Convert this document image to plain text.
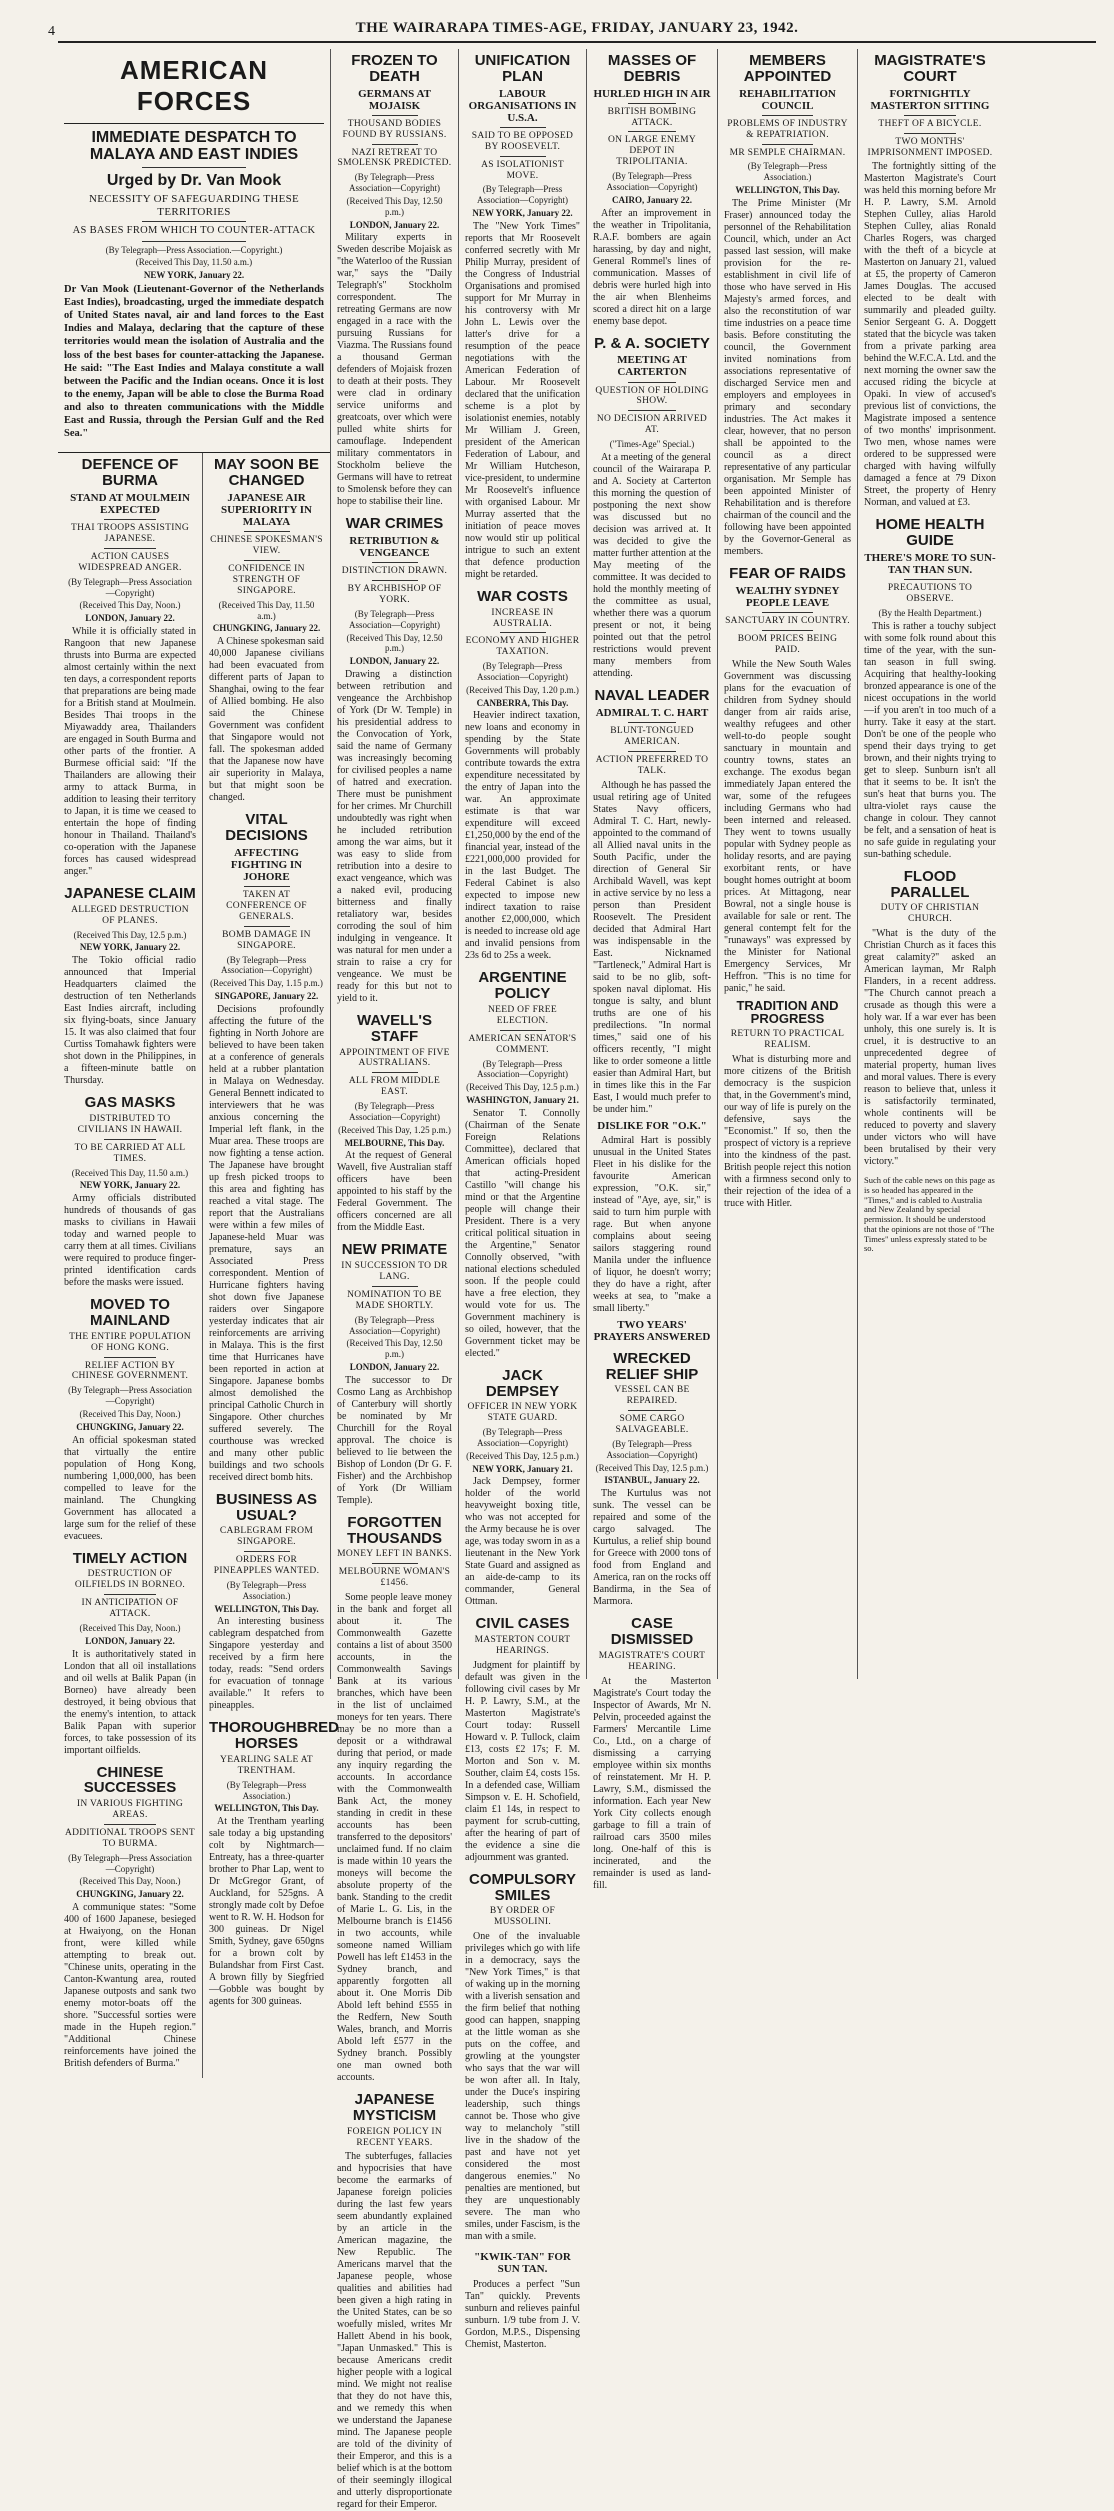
4	THE WAIRARAPA TIMES-AGE, FRIDAY, JANUARY 23, 1942.
AMERICAN FORCES
IMMEDIATE DESPATCH TO MALAYA AND EAST INDIES
Urged by Dr. Van Mook
NECESSITY OF SAFEGUARDING THESE TERRITORIES
AS BASES FROM WHICH TO COUNTER-ATTACK
(By Telegraph—Press Association.—Copyright.)
(Received This Day, 11.50 a.m.)
NEW YORK, January 22.

Dr Van Mook (Lieutenant-Governor of the Netherlands East Indies), broadcasting, urged the immediate despatch of United States naval, air and land forces to the East Indies and Malaya, declaring that the capture of these territories would mean the isolation of Australia and the loss of the best bases for counter-attacking the Japanese. He said: "The East Indies and Malaya constitute a wall between the Pacific and the Indian oceans. Once it is lost to the enemy, Japan will be able to close the Burma Road and also to threaten communications with the Middle East and Russia, through the Persian Gulf and the Red Sea."

DEFENCE OF BURMA
STAND AT MOULMEIN EXPECTED
THAI TROOPS ASSISTING JAPANESE.
ACTION CAUSES WIDESPREAD ANGER.
(By Telegraph—Press Association—Copyright)
(Received This Day, Noon.)
LONDON, January 22.

While it is officially stated in Rangoon that new Japanese thrusts into Burma are expected almost certainly within the next ten days, a correspondent reports that preparations are being made for a British stand at Moulmein. Besides Thai troops in the Miyawaddy area, Thailanders are engaged in South Burma and other parts of the frontier. A Burmese official said: "If the Thailanders are allowing their army to attack Burma, in addition to leasing their territory to Japan, it is time we ceased to entertain the hope of finding honour in Thailand. Thailand's co-operation with the Japanese forces has caused widespread anger."

JAPANESE CLAIM
ALLEGED DESTRUCTION OF PLANES.
(Received This Day, 12.5 p.m.)
NEW YORK, January 22.

The Tokio official radio announced that Imperial Headquarters claimed the destruction of ten Netherlands East Indies aircraft, including six flying-boats, since January 15. It was also claimed that four Curtiss Tomahawk fighters were shot down in the Philippines, in a fifteen-minute battle on Thursday.

GAS MASKS
DISTRIBUTED TO CIVILIANS IN HAWAII.
TO BE CARRIED AT ALL TIMES.
(Received This Day, 11.50 a.m.)
NEW YORK, January 22.

Army officials distributed hundreds of thousands of gas masks to civilians in Hawaii today and warned people to carry them at all times. Civilians were required to produce finger-printed identification cards before the masks were issued.

MOVED TO MAINLAND
THE ENTIRE POPULATION OF HONG KONG.
RELIEF ACTION BY CHINESE GOVERNMENT.
(By Telegraph—Press Association—Copyright)
(Received This Day, Noon.)
CHUNGKING, January 22.

An official spokesman stated that virtually the entire population of Hong Kong, numbering 1,000,000, has been compelled to leave for the mainland. The Chungking Government has allocated a large sum for the relief of these evacuees.

TIMELY ACTION
DESTRUCTION OF OILFIELDS IN BORNEO.
IN ANTICIPATION OF ATTACK.
(Received This Day, Noon.)
LONDON, January 22.

It is authoritatively stated in London that all oil installations and oil wells at Balik Papan (in Borneo) have already been destroyed, it being obvious that the enemy's intention, to attack Balik Papan with superior forces, to take possession of its important oilfields.

CHINESE SUCCESSES
IN VARIOUS FIGHTING AREAS.
ADDITIONAL TROOPS SENT TO BURMA.
(By Telegraph—Press Association—Copyright)
(Received This Day, Noon.)
CHUNGKING, January 22.

A communique states: "Some 400 of 1600 Japanese, besieged at Hwaiyong, on the Honan front, were killed while attempting to break out. "Chinese units, operating in the Canton-Kwantung area, routed Japanese outposts and sank two enemy motor-boats off the shore. "Successful sorties were made in the Hupeh region." "Additional Chinese reinforcements have joined the British defenders of Burma."

MAY SOON BE CHANGED
JAPANESE AIR SUPERIORITY IN MALAYA
CHINESE SPOKESMAN'S VIEW.
CONFIDENCE IN STRENGTH OF SINGAPORE.
(Received This Day, 11.50 a.m.)
CHUNGKING, January 22.

A Chinese spokesman said 40,000 Japanese civilians had been evacuated from different parts of Japan to Shanghai, owing to the fear of Allied bombing. He also said the Chinese Government was confident that Singapore would not fall. The spokesman added that the Japanese now have air superiority in Malaya, but that might soon be changed.

VITAL DECISIONS
AFFECTING FIGHTING IN JOHORE
TAKEN AT CONFERENCE OF GENERALS.
BOMB DAMAGE IN SINGAPORE.
(By Telegraph—Press Association—Copyright)
(Received This Day, 1.15 p.m.)
SINGAPORE, January 22.

Decisions profoundly affecting the future of the fighting in North Johore are believed to have been taken at a conference of generals held at a rubber plantation in Malaya on Wednesday. General Bennett indicated to interviewers that he was anxious concerning the Imperial left flank, in the Muar area. These troops are now fighting a tense action. The Japanese have brought up fresh picked troops to this area and fighting has reached a vital stage. The report that the Australians were within a few miles of Japanese-held Muar was premature, says an Associated Press correspondent. Mention of Hurricane fighters having shot down five Japanese raiders over Singapore yesterday indicates that air reinforcements are arriving in Malaya. This is the first time that Hurricanes have been reported in action at Singapore. Japanese bombs almost demolished the principal Catholic Church in Singapore. Other churches suffered severely. The courthouse was wrecked and many other public buildings and two schools received direct bomb hits.

BUSINESS AS USUAL?
CABLEGRAM FROM SINGAPORE.
ORDERS FOR PINEAPPLES WANTED.
(By Telegraph—Press Association.)
WELLINGTON, This Day.

An interesting business cablegram despatched from Singapore yesterday and received by a firm here today, reads: "Send orders for evacuation of tonnage available." It refers to pineapples.

THOROUGHBRED HORSES
YEARLING SALE AT TRENTHAM.
(By Telegraph—Press Association.)
WELLINGTON, This Day.

At the Trentham yearling sale today a big upstanding colt by Nightmarch—Entreaty, has a three-quarter brother to Phar Lap, went to Dr McGregor Grant, of Auckland, for 525gns. A strongly made colt by Defoe went to R. W. H. Hodson for 300 guineas. Dr Nigel Smith, Sydney, gave 650gns for a brown colt by Bulandshar from First Cast. A brown filly by Siegfried—Gobble was bought by agents for 300 guineas.

FROZEN TO DEATH
GERMANS AT MOJAISK
THOUSAND BODIES FOUND BY RUSSIANS.
NAZI RETREAT TO SMOLENSK PREDICTED.
(By Telegraph—Press Association—Copyright)
(Received This Day, 12.50 p.m.)
LONDON, January 22.

Military experts in Sweden describe Mojaisk as "the Waterloo of the Russian war," says the "Daily Telegraph's" Stockholm correspondent. The retreating Germans are now engaged in a race with the pursuing Russians for Viazma. The Russians found a thousand German defenders of Mojaisk frozen to death at their posts. They were clad in ordinary service uniforms and greatcoats, over which were pulled white shirts for camouflage. Independent military commentators in Stockholm believe the Germans will have to retreat to Smolensk before they can hope to stabilise their line.

WAR CRIMES
RETRIBUTION & VENGEANCE
DISTINCTION DRAWN.
BY ARCHBISHOP OF YORK.
(By Telegraph—Press Association—Copyright)
(Received This Day, 12.50 p.m.)
LONDON, January 22.

Drawing a distinction between retribution and vengeance the Archbishop of York (Dr W. Temple) in his presidential address to the Convocation of York, said the name of Germany was increasingly becoming for civilised peoples a name of hatred and execration. There must be punishment for her crimes. Mr Churchill undoubtedly was right when he included retribution among the war aims, but it was easy to slide from retribution into a desire to exact vengeance, which was a naked evil, producing bitterness and finally retaliatory war, besides corroding the soul of him indulging in vengeance. It was natural for men under a strain to raise a cry for vengeance. We must be ready for this but not to yield to it.

WAVELL'S STAFF
APPOINTMENT OF FIVE AUSTRALIANS.
ALL FROM MIDDLE EAST.
(By Telegraph—Press Association—Copyright)
(Received This Day, 1.25 p.m.)
MELBOURNE, This Day.

At the request of General Wavell, five Australian staff officers have been appointed to his staff by the Federal Government. The officers concerned are all from the Middle East.

NEW PRIMATE
IN SUCCESSION TO DR LANG.
NOMINATION TO BE MADE SHORTLY.
(By Telegraph—Press Association—Copyright)
(Received This Day, 12.50 p.m.)
LONDON, January 22.

The successor to Dr Cosmo Lang as Archbishop of Canterbury will shortly be nominated by Mr Churchill for the Royal approval. The choice is believed to lie between the Bishop of London (Dr G. F. Fisher) and the Archbishop of York (Dr William Temple).

FORGOTTEN THOUSANDS
MONEY LEFT IN BANKS.
MELBOURNE WOMAN'S £1456.

Some people leave money in the bank and forget all about it. The Commonwealth Gazette contains a list of about 3500 accounts, in the Commonwealth Savings Bank at its various branches, which have been in the list of unclaimed moneys for ten years. There may be no more than a deposit or a withdrawal during that period, or made any inquiry regarding the accounts. In accordance with the Commonwealth Bank Act, the money standing in credit in these accounts has been transferred to the depositors' unclaimed fund. If no claim is made within 10 years the moneys will become the absolute property of the bank. Standing to the credit of Marie L. G. Lis, in the Melbourne branch is £1456 in two accounts, while someone named William Powell has left £1453 in the Sydney branch, and apparently forgotten all about it. One Morris Dib Abold left behind £555 in the Redfern, New South Wales, branch, and Morris Abold left £577 in the Sydney branch. Possibly one man owned both accounts.

JAPANESE MYSTICISM
FOREIGN POLICY IN RECENT YEARS.

The subterfuges, fallacies and hypocrisies that have become the earmarks of Japanese foreign policies during the last few years seem abundantly explained by an article in the American magazine, the New Republic. The Americans marvel that the Japanese people, whose qualities and abilities had been given a high rating in the United States, can be so woefully misled, writes Mr Hallett Abend in his book, "Japan Unmasked." This is because Americans credit higher people with a logical mind. We might not realise that they do not have this, and we remedy this when we understand the Japanese mind. The Japanese people are told of the divinity of their Emperor, and this is a belief which is at the bottom of their seemingly illogical and utterly disproportionate regard for their Emperor.

UNIFICATION PLAN
LABOUR ORGANISATIONS IN U.S.A.
SAID TO BE OPPOSED BY ROOSEVELT.
AS ISOLATIONIST MOVE.
(By Telegraph—Press Association—Copyright)
NEW YORK, January 22.

The "New York Times" reports that Mr Roosevelt conferred secretly with Mr Philip Murray, president of the Congress of Industrial Organisations and promised support for Mr Murray in his controversy with Mr John L. Lewis over the latter's drive for a resumption of the peace negotiations with the American Federation of Labour. Mr Roosevelt declared that the unification scheme is a plot by isolationist enemies, notably Mr William J. Green, president of the American Federation of Labour, and Mr William Hutcheson, vice-president, to undermine Mr Roosevelt's influence with organised Labour. Mr Murray asserted that the initiation of peace moves now would stir up political intrigue to such an extent that defence production might be retarded.

WAR COSTS
INCREASE IN AUSTRALIA.
ECONOMY AND HIGHER TAXATION.
(By Telegraph—Press Association—Copyright)
(Received This Day, 1.20 p.m.)
CANBERRA, This Day.

Heavier indirect taxation, new loans and economy in spending by the State Governments will probably contribute towards the extra expenditure necessitated by the entry of Japan into the war. An approximate estimate is that war expenditure will exceed £1,250,000 by the end of the financial year, instead of the £221,000,000 provided for in the last Budget. The Federal Cabinet is also expected to impose new indirect taxation to raise another £2,000,000, which is needed to increase old age and invalid pensions from 23s 6d to 25s a week.

ARGENTINE POLICY
NEED OF FREE ELECTION.
AMERICAN SENATOR'S COMMENT.
(By Telegraph—Press Association—Copyright)
(Received This Day, 12.5 p.m.)
WASHINGTON, January 21.

Senator T. Connolly (Chairman of the Senate Foreign Relations Committee), declared that American officials hoped that acting-President Castillo "will change his mind or that the Argentine people will change their President. There is a very critical political situation in the Argentine," Senator Connolly observed, "with national elections scheduled soon. If the people could have a free election, they would vote for us. The Government machinery is so oiled, however, that the Government ticket may be elected."

JACK DEMPSEY
OFFICER IN NEW YORK STATE GUARD.
(By Telegraph—Press Association—Copyright)
(Received This Day, 12.5 p.m.)
NEW YORK, January 21.

Jack Dempsey, former holder of the world heavyweight boxing title, who was not accepted for the Army because he is over age, was today sworn in as a lieutenant in the New York State Guard and assigned as an aide-de-camp to its commander, General Ottman.

CIVIL CASES
MASTERTON COURT HEARINGS.

Judgment for plaintiff by default was given in the following civil cases by Mr H. P. Lawry, S.M., at the Masterton Magistrate's Court today: Russell Howard v. P. Tullock, claim £13, costs £2 17s; F. M. Morton and Son v. M. Souther, claim £4, costs 15s. In a defended case, William Simpson v. E. H. Schofield, claim £1 14s, in respect to payment for scrub-cutting, after the hearing of part of the evidence a sine die adjournment was granted.

COMPULSORY SMILES
BY ORDER OF MUSSOLINI.

One of the invaluable privileges which go with life in a democracy, says the "New York Times," is that of waking up in the morning with a liverish sensation and the firm belief that nothing good can happen, snapping at the little woman as she puts on the coffee, and growling at the youngster who says that the war will be won after all. In Italy, under the Duce's inspiring leadership, such things cannot be. Those who give way to melancholy "still live in the shadow of the past and have not yet considered the most dangerous enemies." No penalties are mentioned, but they are unquestionably severe. The man who smiles, under Fascism, is the man with a smile.

"KWIK-TAN" FOR SUN TAN.

Produces a perfect "Sun Tan" quickly. Prevents sunburn and relieves painful sunburn. 1/9 tube from J. V. Gordon, M.P.S., Dispensing Chemist, Masterton.

MASSES OF DEBRIS
HURLED HIGH IN AIR
BRITISH BOMBING ATTACK.
ON LARGE ENEMY DEPOT IN TRIPOLITANIA.
(By Telegraph—Press Association—Copyright)
CAIRO, January 22.

After an improvement in the weather in Tripolitania, R.A.F. bombers are again harassing, by day and night, General Rommel's lines of communication. Masses of debris were hurled high into the air when Blenheims scored a direct hit on a large enemy base depot.

P. & A. SOCIETY
MEETING AT CARTERTON
QUESTION OF HOLDING SHOW.
NO DECISION ARRIVED AT.
("Times-Age" Special.)

At a meeting of the general council of the Wairarapa P. and A. Society at Carterton this morning the question of postponing the next show was discussed but no decision was arrived at. It was decided to give the matter further attention at the May meeting of the committee. It was decided to hold the monthly meeting of the committee as usual, whether there was a quorum present or not, it being pointed out that the petrol restrictions would prevent many members from attending.

NAVAL LEADER
ADMIRAL T. C. HART
BLUNT-TONGUED AMERICAN.
ACTION PREFERRED TO TALK.

Although he has passed the usual retiring age of United States Navy officers, Admiral T. C. Hart, newly-appointed to the command of all Allied naval units in the South Pacific, under the direction of General Sir Archibald Wavell, was kept in active service by no less a person than President Roosevelt. The President decided that Admiral Hart was indispensable in the East. Nicknamed "Tartleneck," Admiral Hart is said to be no glib, soft-spoken naval diplomat. His tongue is salty, and blunt truths are one of his predilections. "In normal times," said one of his officers recently, "I might like to order someone a little easier than Admiral Hart, but in times like this in the Far East, I would much prefer to be under him."

DISLIKE FOR "O.K."

Admiral Hart is possibly unusual in the United States Fleet in his dislike for the favourite American expression, "O.K. sir," instead of "Aye, aye, sir," is said to turn him purple with rage. But when anyone complains about seeing sailors staggering round Manila under the influence of liquor, he doesn't worry; they do have a right, after weeks at sea, to "make a small liberty."

TWO YEARS' PRAYERS ANSWERED
WRECKED RELIEF SHIP
VESSEL CAN BE REPAIRED.
SOME CARGO SALVAGEABLE.
(By Telegraph—Press Association—Copyright)
(Received This Day, 12.5 p.m.)
ISTANBUL, January 22.

The Kurtulus was not sunk. The vessel can be repaired and some of the cargo salvaged. The Kurtulus, a relief ship bound for Greece with 2000 tons of food from England and America, ran on the rocks off Bandirma, in the Sea of Marmora.

CASE DISMISSED
MAGISTRATE'S COURT HEARING.

At the Masterton Magistrate's Court today the Inspector of Awards, Mr N. Pelvin, proceeded against the Farmers' Mercantile Lime Co., Ltd., on a charge of dismissing a carrying employee within six months of reinstatement. Mr H. P. Lawry, S.M., dismissed the information. Each year New York City collects enough garbage to fill a train of railroad cars 3500 miles long. One-half of this is incinerated, and the remainder is used as land-fill.

MEMBERS APPOINTED
REHABILITATION COUNCIL
PROBLEMS OF INDUSTRY & REPATRIATION.
MR SEMPLE CHAIRMAN.
(By Telegraph—Press Association.)
WELLINGTON, This Day.

The Prime Minister (Mr Fraser) announced today the personnel of the Rehabilitation Council, which, under an Act passed last session, will make provision for the re-establishment in civil life of those who have served in His Majesty's armed forces, and also the reconstitution of war time industries on a peace time basis. Before constituting the council, the Government invited nominations from associations representative of discharged Service men and employers and employees in primary and secondary industries. The Act makes it clear, however, that no person shall be appointed to the council as a direct representative of any particular organisation. Mr Semple has been appointed Minister of Rehabilitation and is therefore chairman of the council and the following have been appointed by the Governor-General as members.

FEAR OF RAIDS
WEALTHY SYDNEY PEOPLE LEAVE
SANCTUARY IN COUNTRY.
BOOM PRICES BEING PAID.

While the New South Wales Government was discussing plans for the evacuation of children from Sydney should danger from air raids arise, wealthy refugees and other well-to-do people sought sanctuary in mountain and country towns, states an exchange. The exodus began immediately Japan entered the war, some of the refugees including Germans who had been interned and released. They went to towns usually popular with Sydney people as holiday resorts, and are paying exorbitant rents, or have bought homes outright at boom prices. At Mittagong, near Bowral, not a single house is available for sale or rent. The general contempt felt for the "runaways" was expressed by the Minister for National Emergency Services, Mr Heffron. "This is no time for panic," he said.

TRADITION AND PROGRESS
RETURN TO PRACTICAL REALISM.

What is disturbing more and more citizens of the British democracy is the suspicion that, in the Government's mind, our way of life is purely on the defensive, says the "Economist." If so, then the prospect of victory is a reprieve into the kindness of the past. British people reject this notion with a firmness second only to their rejection of the idea of a truce with Hitler.

MAGISTRATE'S COURT
FORTNIGHTLY MASTERTON SITTING
THEFT OF A BICYCLE.
TWO MONTHS' IMPRISONMENT IMPOSED.

The fortnightly sitting of the Masterton Magistrate's Court was held this morning before Mr H. P. Lawry, S.M. Arnold Stephen Culley, alias Harold Stephen Culley, alias Ronald Charles Rogers, was charged with the theft of a bicycle at Masterton on January 21, valued at £5, the property of Cameron James Douglas. The accused elected to be dealt with summarily and pleaded guilty. Senior Sergeant G. A. Doggett stated that the bicycle was taken from a private parking area behind the W.F.C.A. Ltd. and the next morning the owner saw the accused riding the bicycle at Opaki. In view of accused's previous list of convictions, the Magistrate imposed a sentence of two months' imprisonment. Two men, whose names were ordered to be suppressed were charged with having wilfully damaged a fence at 79 Dixon Street, the property of Henry Norman, and valued at £3.

HOME HEALTH GUIDE
THERE'S MORE TO SUN-TAN THAN SUN.
PRECAUTIONS TO OBSERVE.
(By the Health Department.)

This is rather a touchy subject with some folk round about this time of the year, with the sun-tan season in full swing. Acquiring that healthy-looking bronzed appearance is one of the nicest occupations in the world—if you aren't in too much of a hurry. Take it easy at the start. Don't be one of the people who spend their days trying to get brown, and their nights trying to get to sleep. Sunburn isn't all that it seems to be. It isn't the sun's heat that burns you. The ultra-violet rays cause the change in colour. They cannot be felt, and a sensation of heat is no safe guide in regulating your sun-bathing schedule.

FLOOD PARALLEL
DUTY OF CHRISTIAN CHURCH.

"What is the duty of the Christian Church as it faces this great calamity?" asked an American layman, Mr Ralph Flanders, in a recent address. "The Church cannot preach a crusade as though this were a holy war. If a war ever has been unholy, this one surely is. It is cruel, it is destructive to an unprecedented degree of material property, human lives and moral values. There is every reason to believe that, unless it is satisfactorily terminated, whole continents will be reduced to poverty and slavery under victors who will have been brutalised by their very victory."

Such of the cable news on this page as is so headed has appeared in the "Times," and is cabled to Australia and New Zealand by special permission. It should be understood that the opinions are not those of "The Times" unless expressly stated to be so.
